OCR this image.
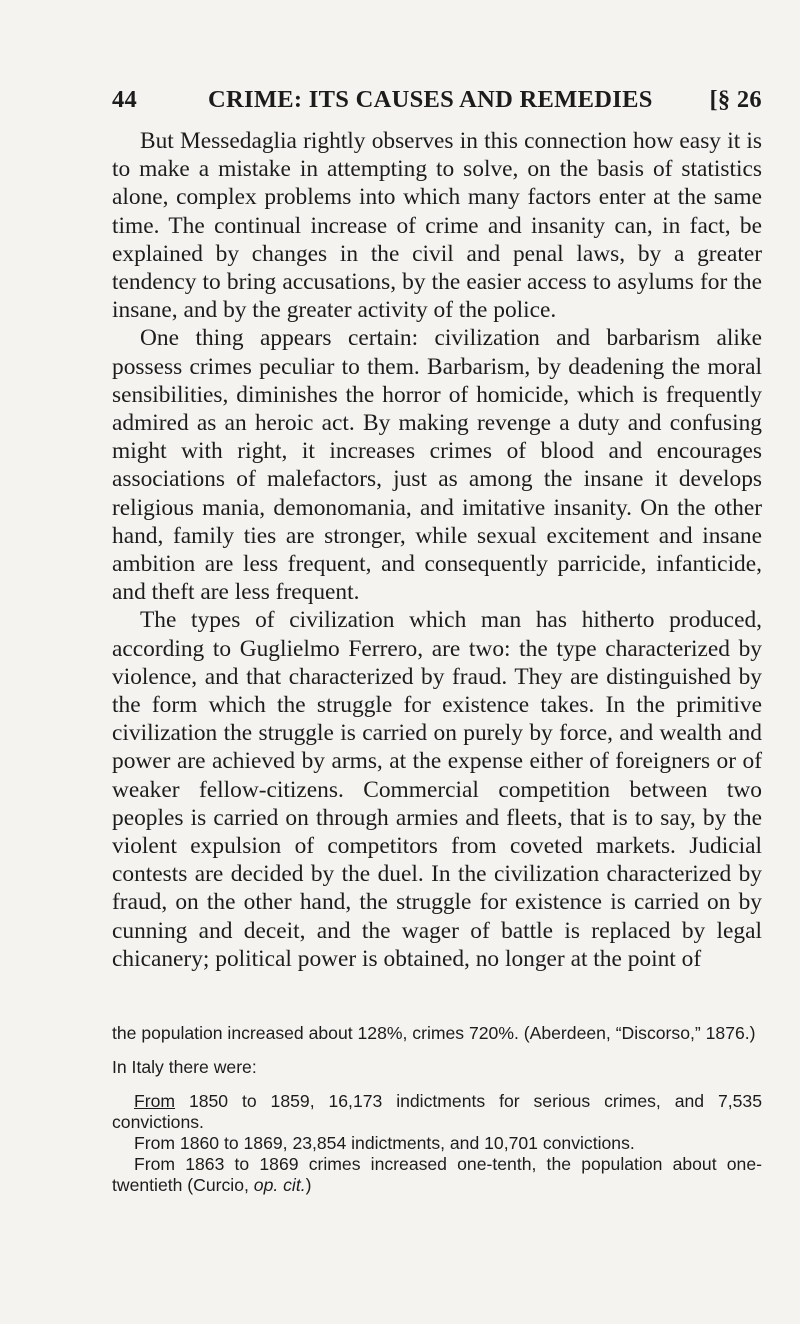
44	CRIME: ITS CAUSES AND REMEDIES [§ 26

But Messedaglia rightly observes in this connection how easy it is to make a mistake in attempting to solve, on the basis of statistics alone, complex problems into which many factors enter at the same time. The continual increase of crime and insanity can, in fact, be explained by changes in the civil and penal laws, by a greater tendency to bring accusations, by the easier access to asylums for the insane, and by the greater activity of the police.

One thing appears certain: civilization and barbarism alike possess crimes peculiar to them. Barbarism, by deadening the moral sensibilities, diminishes the horror of homicide, which is frequently admired as an heroic act. By making revenge a duty and confusing might with right, it increases crimes of blood and encourages associations of malefactors, just as among the insane it develops religious mania, demonomania, and imitative insanity. On the other hand, family ties are stronger, while sexual excitement and insane ambition are less frequent, and consequently parricide, infanticide, and theft are less frequent.

The types of civilization which man has hitherto produced, according to Guglielmo Ferrero, are two: the type characterized by violence, and that characterized by fraud. They are distinguished by the form which the struggle for existence takes. In the primitive civilization the struggle is carried on purely by force, and wealth and power are achieved by arms, at the expense either of foreigners or of weaker fellow-citizens. Commercial competition between two peoples is carried on through armies and fleets, that is to say, by the violent expulsion of competitors from coveted markets. Judicial contests are decided by the duel. In the civilization characterized by fraud, on the other hand, the struggle for existence is carried on by cunning and deceit, and the wager of battle is replaced by legal chicanery; political power is obtained, no longer at the point of

the population increased about 128%, crimes 720%. (Aberdeen, “Discorso,” 1876.)

In Italy there were:

From 1850 to 1859, 16,173 indictments for serious crimes, and 7,535 convictions.

From 1860 to 1869, 23,854 indictments, and 10,701 convictions.

From 1863 to 1869 crimes increased one-tenth, the population about one-twentieth (Curcio, op. cit.)
